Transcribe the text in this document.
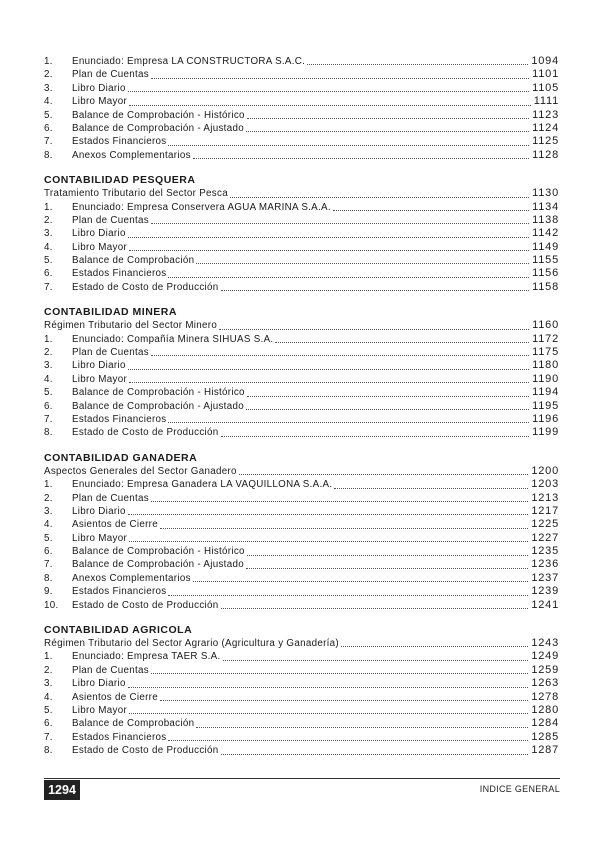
1.	Enunciado: Empresa LA CONSTRUCTORA S.A.C.	1094
2.	Plan de Cuentas	1101
3.	Libro Diario	1105
4.	Libro Mayor	1111
5.	Balance de Comprobación - Histórico	1123
6.	Balance de Comprobación - Ajustado	1124
7.	Estados Financieros	1125
8.	Anexos Complementarios	1128
CONTABILIDAD PESQUERA
Tratamiento Tributario del Sector Pesca	1130
1.	Enunciado: Empresa Conservera AGUA MARINA S.A.A.	1134
2.	Plan de Cuentas	1138
3.	Libro Diario	1142
4.	Libro Mayor	1149
5.	Balance de Comprobación	1155
6.	Estados Financieros	1156
7.	Estado de Costo de Producción	1158
CONTABILIDAD MINERA
Régimen Tributario del Sector Minero	1160
1.	Enunciado: Compañía Minera SIHUAS S.A.	1172
2.	Plan de Cuentas	1175
3.	Libro Diario	1180
4.	Libro Mayor	1190
5.	Balance de Comprobación - Histórico	1194
6.	Balance de Comprobación - Ajustado	1195
7.	Estados Financieros	1196
8.	Estado de Costo de Producción	1199
CONTABILIDAD GANADERA
Aspectos Generales del Sector Ganadero	1200
1.	Enunciado: Empresa Ganadera LA VAQUILLONA S.A.A.	1203
2.	Plan de Cuentas	1213
3.	Libro Diario	1217
4.	Asientos de Cierre	1225
5.	Libro Mayor	1227
6.	Balance de Comprobación - Histórico	1235
7.	Balance de Comprobación - Ajustado	1236
8.	Anexos Complementarios	1237
9.	Estados Financieros	1239
10.	Estado de Costo de Producción	1241
CONTABILIDAD AGRICOLA
Régimen Tributario del Sector Agrario (Agricultura y Ganadería)	1243
1.	Enunciado: Empresa TAER S.A.	1249
2.	Plan de Cuentas	1259
3.	Libro Diario	1263
4.	Asientos de Cierre	1278
5.	Libro Mayor	1280
6.	Balance de Comprobación	1284
7.	Estados Financieros	1285
8.	Estado de Costo de Producción	1287
1294	INDICE GENERAL
